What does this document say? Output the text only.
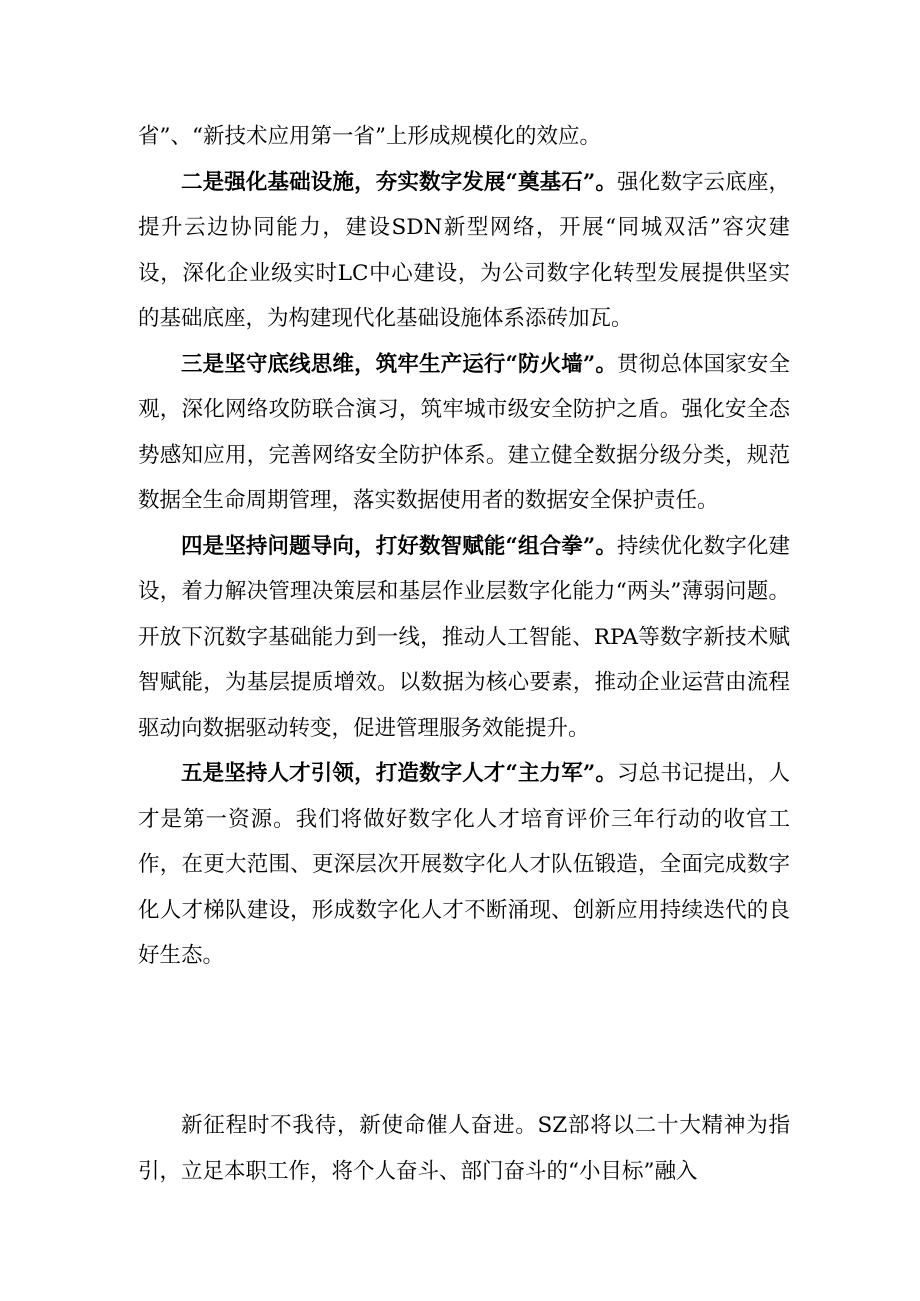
省”、“新技术应用第一省”上形成规模化的效应。

二是强化基础设施，夯实数字发展“奠基石”。强化数字云底座，提升云边协同能力，建设SDN新型网络，开展“同城双活”容灾建设，深化企业级实时LC中心建设，为公司数字化转型发展提供坚实的基础底座，为构建现代化基础设施体系添砖加瓦。

三是坚守底线思维，筑牢生产运行“防火墙”。贯彻总体国家安全观，深化网络攻防联合演习，筑牢城市级安全防护之盾。强化安全态势感知应用，完善网络安全防护体系。建立健全数据分级分类，规范数据全生命周期管理，落实数据使用者的数据安全保护责任。

四是坚持问题导向，打好数智赋能“组合拳”。持续优化数字化建设，着力解决管理决策层和基层作业层数字化能力“两头”薄弱问题。开放下沉数字基础能力到一线，推动人工智能、RPA等数字新技术赋智赋能，为基层提质增效。以数据为核心要素，推动企业运营由流程驱动向数据驱动转变，促进管理服务效能提升。

五是坚持人才引领，打造数字人才“主力军”。习总书记提出，人才是第一资源。我们将做好数字化人才培育评价三年行动的收官工作，在更大范围、更深层次开展数字化人才队伍锻造，全面完成数字化人才梯队建设，形成数字化人才不断涌现、创新应用持续迭代的良好生态。

新征程时不我待，新使命催人奋进。SZ部将以二十大精神为指引，立足本职工作，将个人奋斗、部门奋斗的“小目标”融入
